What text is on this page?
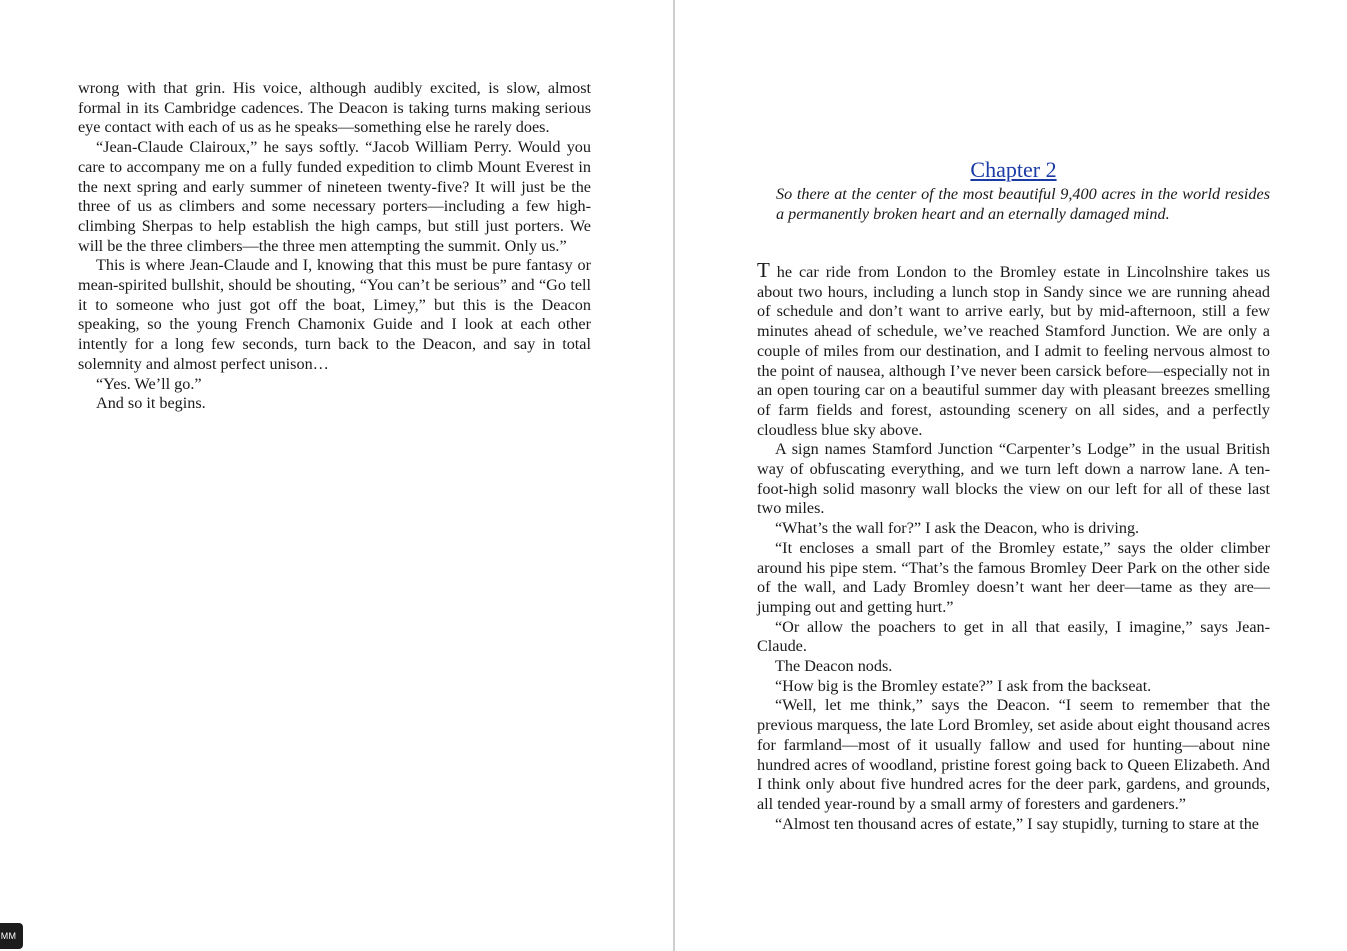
wrong with that grin. His voice, although audibly excited, is slow, almost formal in its Cambridge cadences. The Deacon is taking turns making serious eye contact with each of us as he speaks—something else he rarely does.

“Jean-Claude Clairoux,” he says softly. “Jacob William Perry. Would you care to accompany me on a fully funded expedition to climb Mount Everest in the next spring and early summer of nineteen twenty-five? It will just be the three of us as climbers and some necessary porters—including a few high-climbing Sherpas to help establish the high camps, but still just porters. We will be the three climbers—the three men attempting the summit. Only us.”

This is where Jean-Claude and I, knowing that this must be pure fantasy or mean-spirited bullshit, should be shouting, “You can’t be serious” and “Go tell it to someone who just got off the boat, Limey,” but this is the Deacon speaking, so the young French Chamonix Guide and I look at each other intently for a long few seconds, turn back to the Deacon, and say in total solemnity and almost perfect unison…

“Yes. We’ll go.”

And so it begins.

Chapter 2

So there at the center of the most beautiful 9,400 acres in the world resides a permanently broken heart and an eternally damaged mind.

T he car ride from London to the Bromley estate in Lincolnshire takes us about two hours, including a lunch stop in Sandy since we are running ahead of schedule and don’t want to arrive early, but by mid-afternoon, still a few minutes ahead of schedule, we’ve reached Stamford Junction. We are only a couple of miles from our destination, and I admit to feeling nervous almost to the point of nausea, although I’ve never been carsick before—especially not in an open touring car on a beautiful summer day with pleasant breezes smelling of farm fields and forest, astounding scenery on all sides, and a perfectly cloudless blue sky above.

A sign names Stamford Junction “Carpenter’s Lodge” in the usual British way of obfuscating everything, and we turn left down a narrow lane. A ten-foot-high solid masonry wall blocks the view on our left for all of these last two miles.

“What’s the wall for?” I ask the Deacon, who is driving.

“It encloses a small part of the Bromley estate,” says the older climber around his pipe stem. “That’s the famous Bromley Deer Park on the other side of the wall, and Lady Bromley doesn’t want her deer—tame as they are—jumping out and getting hurt.”

“Or allow the poachers to get in all that easily, I imagine,” says Jean-Claude.

The Deacon nods.

“How big is the Bromley estate?” I ask from the backseat.

“Well, let me think,” says the Deacon. “I seem to remember that the previous marquess, the late Lord Bromley, set aside about eight thousand acres for farmland—most of it usually fallow and used for hunting—about nine hundred acres of woodland, pristine forest going back to Queen Elizabeth. And I think only about five hundred acres for the deer park, gardens, and grounds, all tended year-round by a small army of foresters and gardeners.”

“Almost ten thousand acres of estate,” I say stupidly, turning to stare at the

MM
